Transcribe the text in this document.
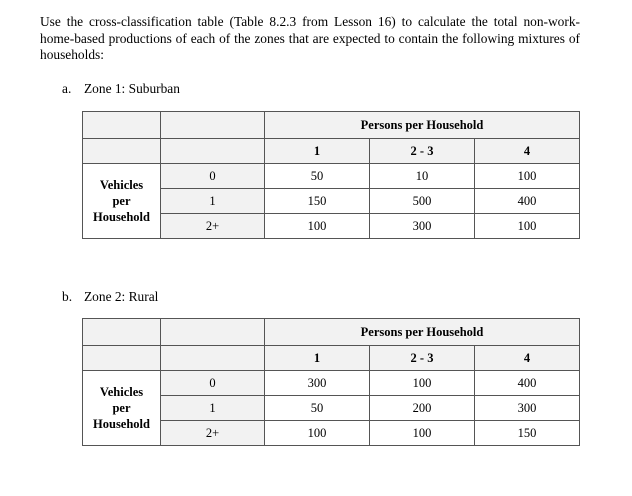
Use the cross-classification table (Table 8.2.3 from Lesson 16) to calculate the total non-work-home-based productions of each of the zones that are expected to contain the following mixtures of households:
a. Zone 1: Suburban
		Persons per Household		
		1	2 - 3	4
Vehicles
per
Household	0	50	10	100
	1	150	500	400
	2+	100	300	100
b. Zone 2: Rural
		Persons per Household		
		1	2 - 3	4
Vehicles
per
Household	0	300	100	400
	1	50	200	300
	2+	100	100	150
